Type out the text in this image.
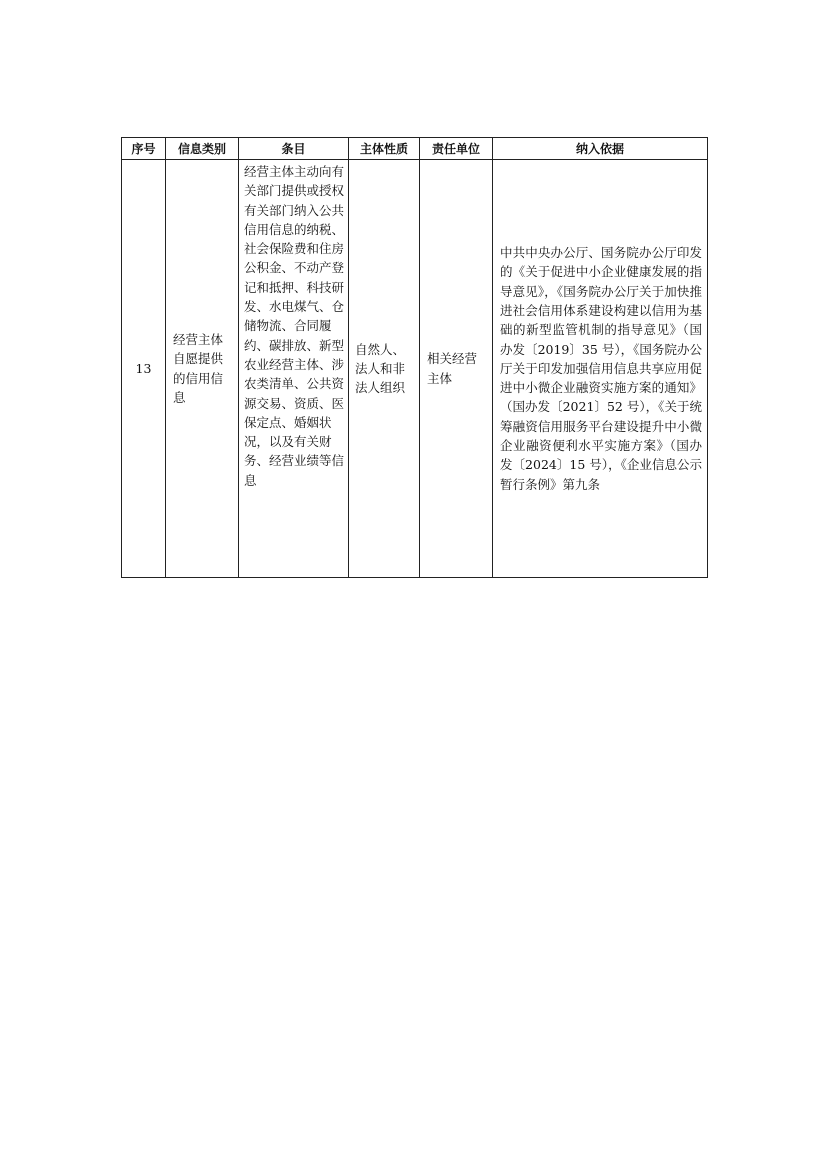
序号	信息类别	条目	主体性质	责任单位	纳入依据

13	经营主体自愿提供的信用信息	经营主体主动向有关部门提供或授权有关部门纳入公共信用信息的纳税、社会保险费和住房公积金、不动产登记和抵押、科技研发、水电煤气、仓储物流、合同履约、碳排放、新型农业经营主体、涉农类清单、公共资源交易、资质、医保定点、婚姻状况，以及有关财务、经营业绩等信息	自然人、法人和非法人组织	相关经营主体	中共中央办公厅、国务院办公厅印发的《关于促进中小企业健康发展的指导意见》，《国务院办公厅关于加快推进社会信用体系建设构建以信用为基础的新型监管机制的指导意见》（国办发〔2019〕35 号），《国务院办公厅关于印发加强信用信息共享应用促进中小微企业融资实施方案的通知》（国办发〔2021〕52 号），《关于统筹融资信用服务平台建设提升中小微企业融资便利水平实施方案》（国办发〔2024〕15 号），《企业信息公示暂行条例》第九条
